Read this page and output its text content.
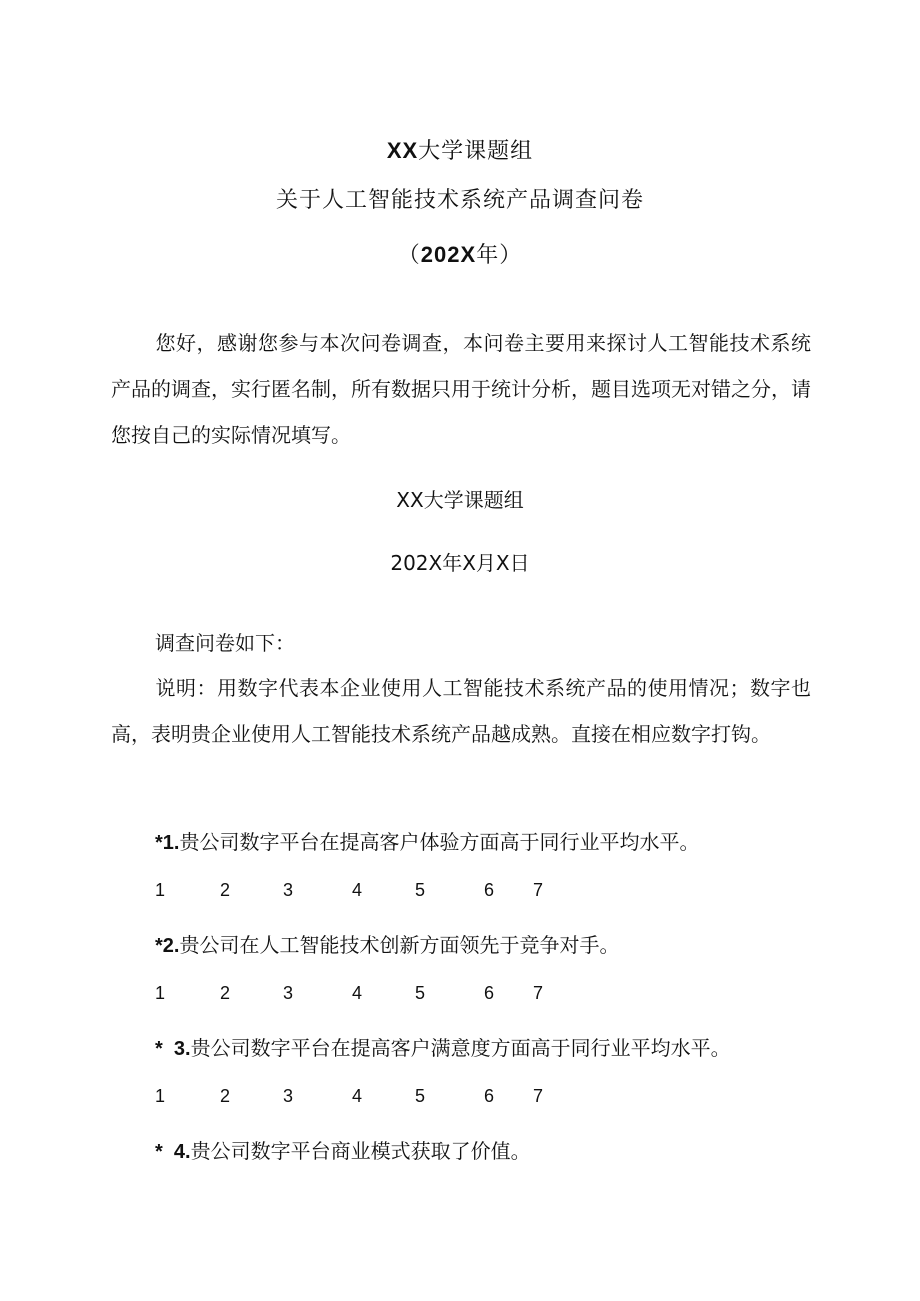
XX大学课题组
关于人工智能技术系统产品调查问卷
（202X年）
您好，感谢您参与本次问卷调查，本问卷主要用来探讨人工智能技术系统产品的调查，实行匿名制，所有数据只用于统计分析，题目选项无对错之分，请您按自己的实际情况填写。
XX大学课题组
202X年X月X日
调查问卷如下：
说明：用数字代表本企业使用人工智能技术系统产品的使用情况；数字也高，表明贵企业使用人工智能技术系统产品越成熟。直接在相应数字打钩。
*1.贵公司数字平台在提高客户体验方面高于同行业平均水平。
1	2	3	4	5	6 7
*2.贵公司在人工智能技术创新方面领先于竞争对手。
1	2	3	4	5	6 7
*  3.贵公司数字平台在提高客户满意度方面高于同行业平均水平。
1	2	3	4	5	6 7
*  4.贵公司数字平台商业模式获取了价值。
